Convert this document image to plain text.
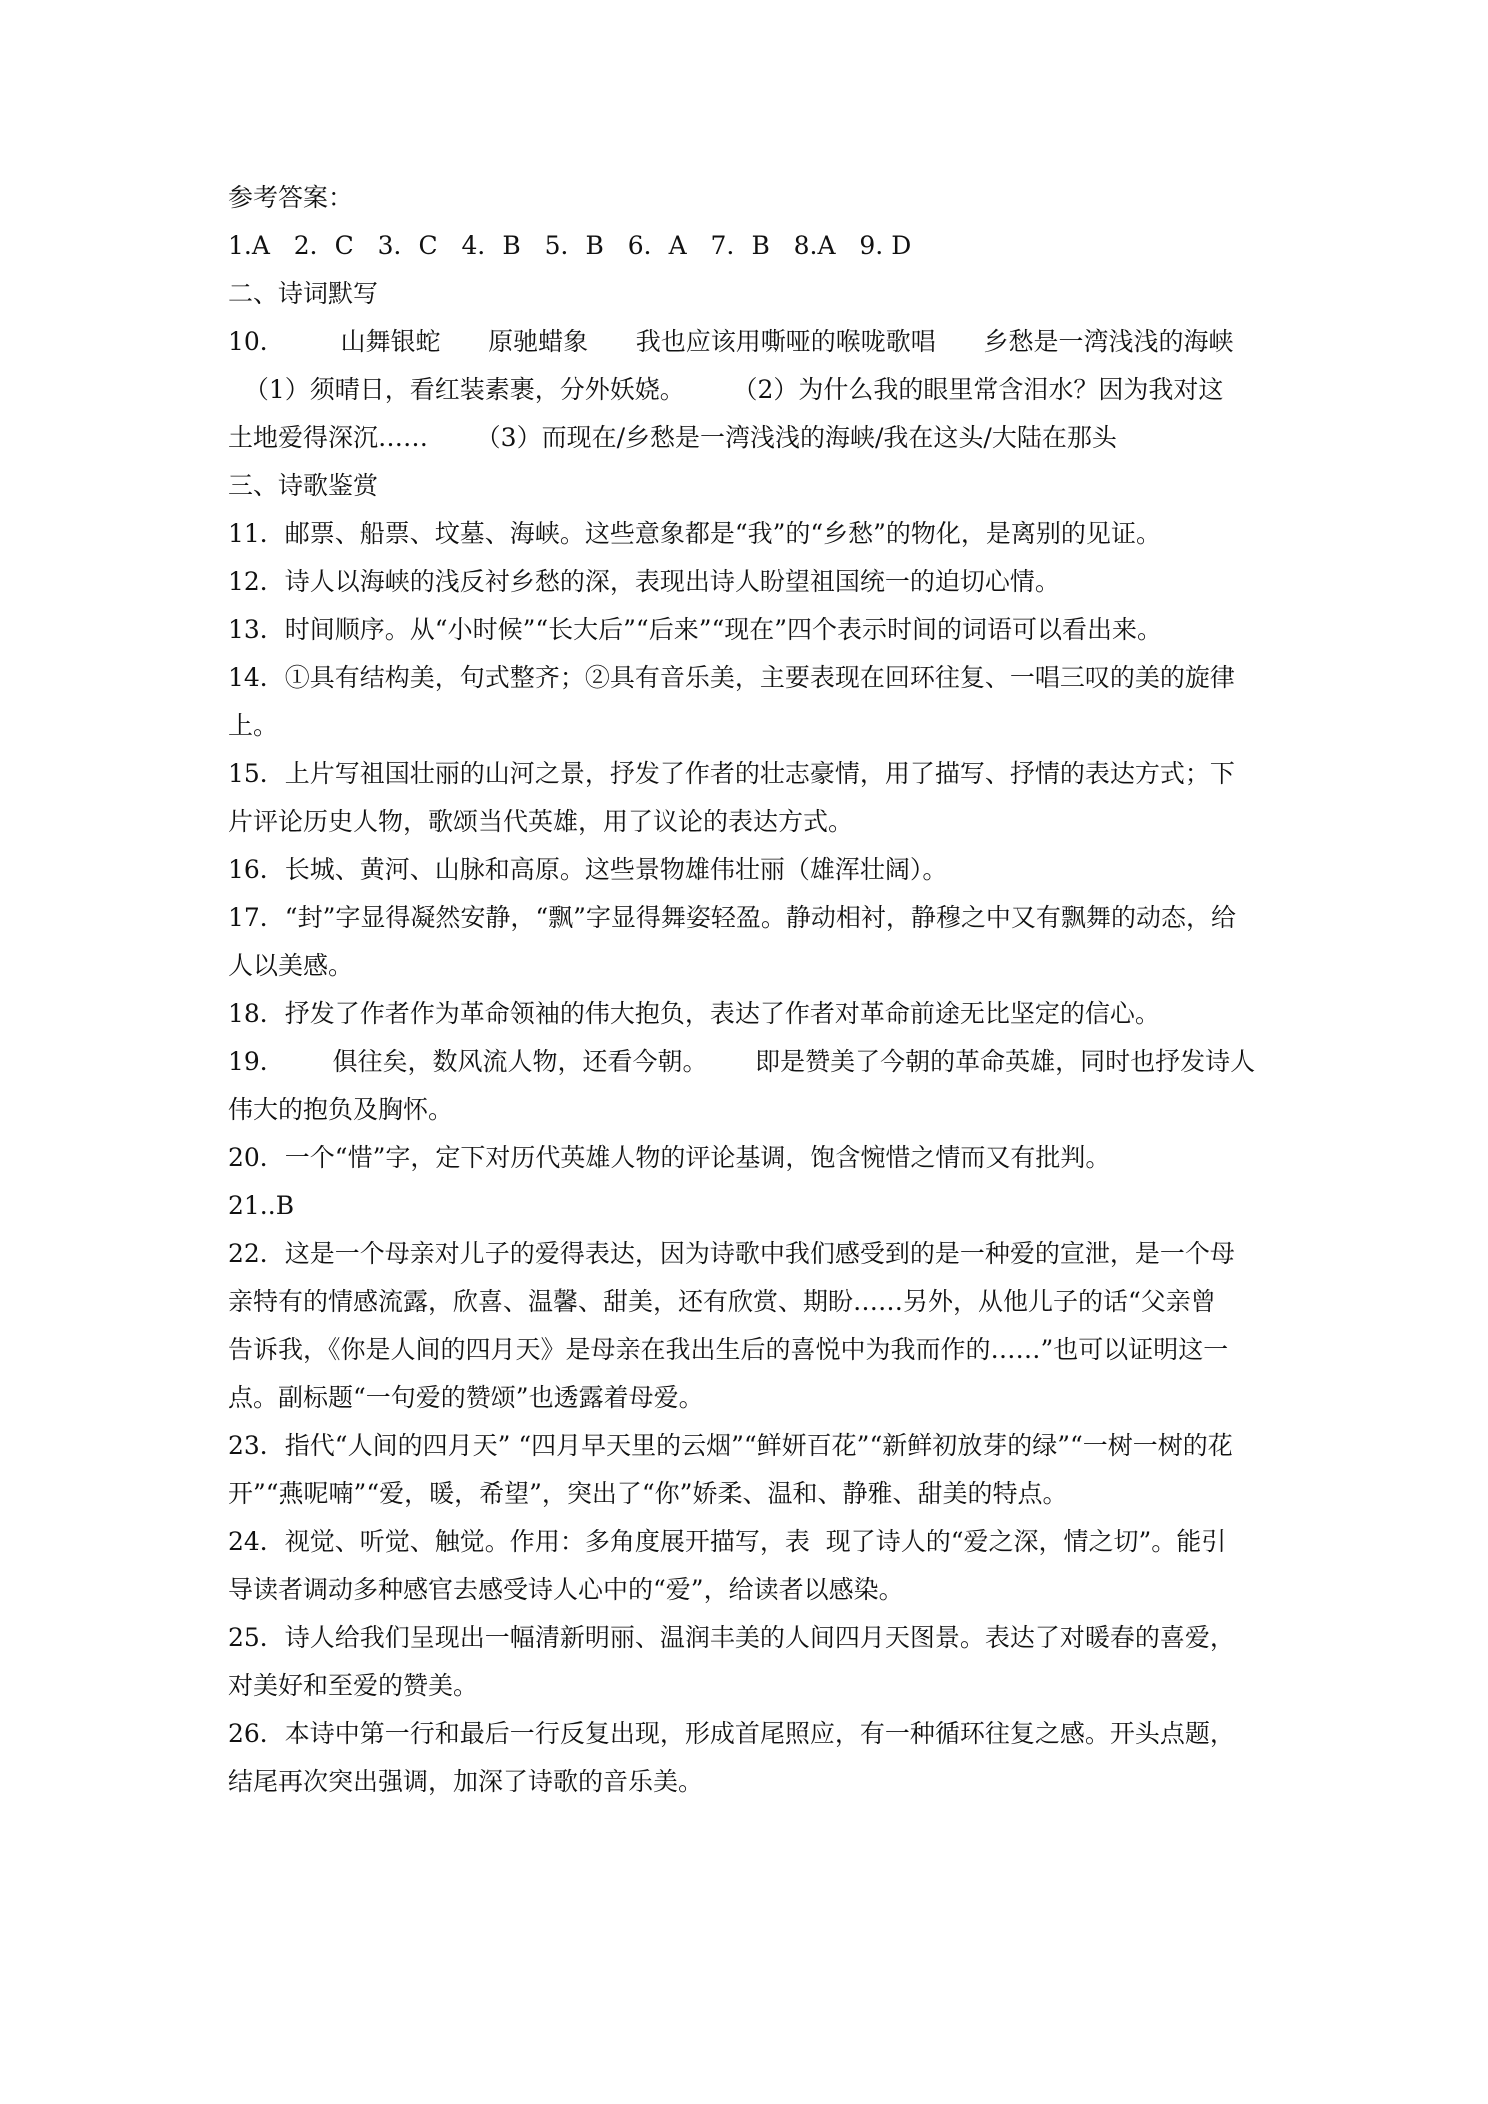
参考答案：
1.A   2．C   3．C   4．B   5．B   6．A   7．B   8.A   9. D
二、诗词默写
10．       山舞银蛇      原驰蜡象      我也应该用嘶哑的喉咙歌唱      乡愁是一湾浅浅的海峡
（1）须晴日，看红装素裹，分外妖娆。      （2）为什么我的眼里常含泪水？因为我对这
土地爱得深沉……      （3）而现在/乡愁是一湾浅浅的海峡/我在这头/大陆在那头
三、诗歌鉴赏
11．邮票、船票、坟墓、海峡。这些意象都是“我”的“乡愁”的物化，是离别的见证。
12．诗人以海峡的浅反衬乡愁的深，表现出诗人盼望祖国统一的迫切心情。
13．时间顺序。从“小时候”“长大后”“后来”“现在”四个表示时间的词语可以看出来。
14．①具有结构美，句式整齐；②具有音乐美，主要表现在回环往复、一唱三叹的美的旋律
上。
15．上片写祖国壮丽的山河之景，抒发了作者的壮志豪情，用了描写、抒情的表达方式；下
片评论历史人物，歌颂当代英雄，用了议论的表达方式。
16．长城、黄河、山脉和高原。这些景物雄伟壮丽（雄浑壮阔）。
17．“封”字显得凝然安静，“飘”字显得舞姿轻盈。静动相衬，静穆之中又有飘舞的动态，给
人以美感。
18．抒发了作者作为革命领袖的伟大抱负，表达了作者对革命前途无比坚定的信心。
19．      俱往矣，数风流人物，还看今朝。      即是赞美了今朝的革命英雄，同时也抒发诗人
伟大的抱负及胸怀。
20．一个“惜”字，定下对历代英雄人物的评论基调，饱含惋惜之情而又有批判。
21..B
22．这是一个母亲对儿子的爱得表达，因为诗歌中我们感受到的是一种爱的宣泄，是一个母
亲特有的情感流露，欣喜、温馨、甜美，还有欣赏、期盼……另外，从他儿子的话“父亲曾
告诉我，《你是人间的四月天》是母亲在我出生后的喜悦中为我而作的……”也可以证明这一
点。副标题“一句爱的赞颂”也透露着母爱。
23．指代“人间的四月天” “四月早天里的云烟”“鲜妍百花”“新鲜初放芽的绿”“一树一树的花
开”“燕呢喃”“爱，暖，希望”，突出了“你”娇柔、温和、静雅、甜美的特点。
24．视觉、听觉、触觉。作用：多角度展开描写，表  现了诗人的“爱之深，情之切”。能引
导读者调动多种感官去感受诗人心中的“爱”，给读者以感染。
25．诗人给我们呈现出一幅清新明丽、温润丰美的人间四月天图景。表达了对暖春的喜爱，
对美好和至爱的赞美。
26．本诗中第一行和最后一行反复出现，形成首尾照应，有一种循环往复之感。开头点题，
结尾再次突出强调，加深了诗歌的音乐美。
